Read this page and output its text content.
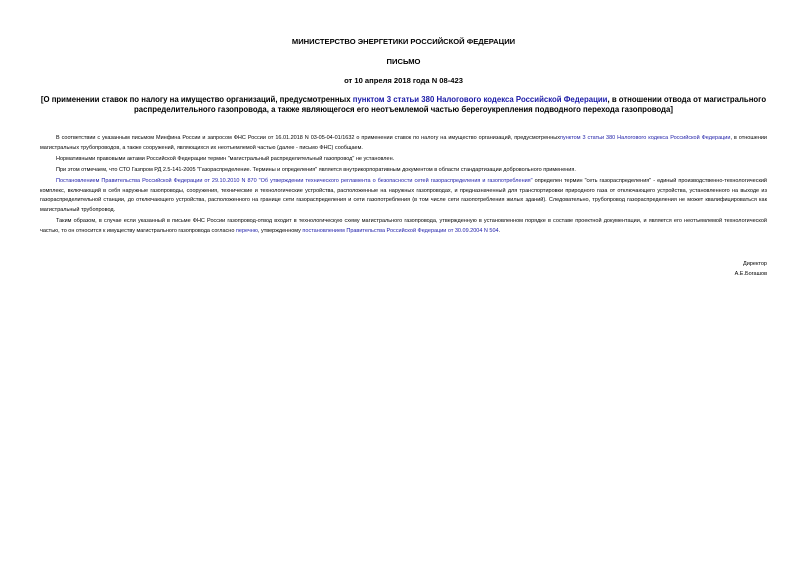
МИНИСТЕРСТВО ЭНЕРГЕТИКИ РОССИЙСКОЙ ФЕДЕРАЦИИ
ПИСЬМО
от 10 апреля 2018 года N 08-423
[О применении ставок по налогу на имущество организаций, предусмотренных пунктом 3 статьи 380 Налогового кодекса Российской Федерации, в отношении отвода от магистрального распределительного газопровода, а также являющегося его неотъемлемой частью берегоукрепления подводного перехода газопровода]

В соответствии с указанным письмом Минфина России и запросом ФНС России от 16.01.2018 N 03-05-04-01/1632 о применении ставок по налогу на имущество организаций, предусмотренныхпунктом 3 статьи 380 Налогового кодекса Российской Федерации, в отношении магистральных трубопроводов, а также сооружений, являющихся их неотъемлемой частью (далее - письмо ФНС) сообщаем.

Нормативными правовыми актами Российской Федерации термин "магистральный распределительный газопровод" не установлен.

При этом отмечаем, что СТО Газпром РД 2.5-141-2005 "Газораспределение. Термины и определения" является внутрикорпоративным документом в области стандартизации добровольного применения.

Постановлением Правительства Российской Федерации от 29.10.2010 N 870 "Об утверждении технического регламента о безопасности сетей газораспределения и газопотребления" определен термин "сеть газораспределения" - единый производственно-технологический комплекс, включающий в себя наружные газопроводы, сооружения, технические и технологические устройства, расположенные на наружных газопроводах, и предназначенный для транспортировки природного газа от отключающего устройства, установленного на выходе из газораспределительной станции, до отключающего устройства, расположенного на границе сети газораспределения и сети газопотребления (в том числе сети газопотребления жилых зданий). Следовательно, трубопровод газораспределения не может квалифицироваться как магистральный трубопровод.

Таким образом, в случае если указанный в письме ФНС России газопровод-отвод входит в технологическую схему магистрального газопровода, утвержденную в установленном порядке в составе проектной документации, и является его неотъемлемой технологической частью, то он относится к имуществу магистрального газопровода согласно перечню, утвержденному постановлением Правительства Российской Федерации от 30.09.2004 N 504.

Директор
А.Е.Богашов
